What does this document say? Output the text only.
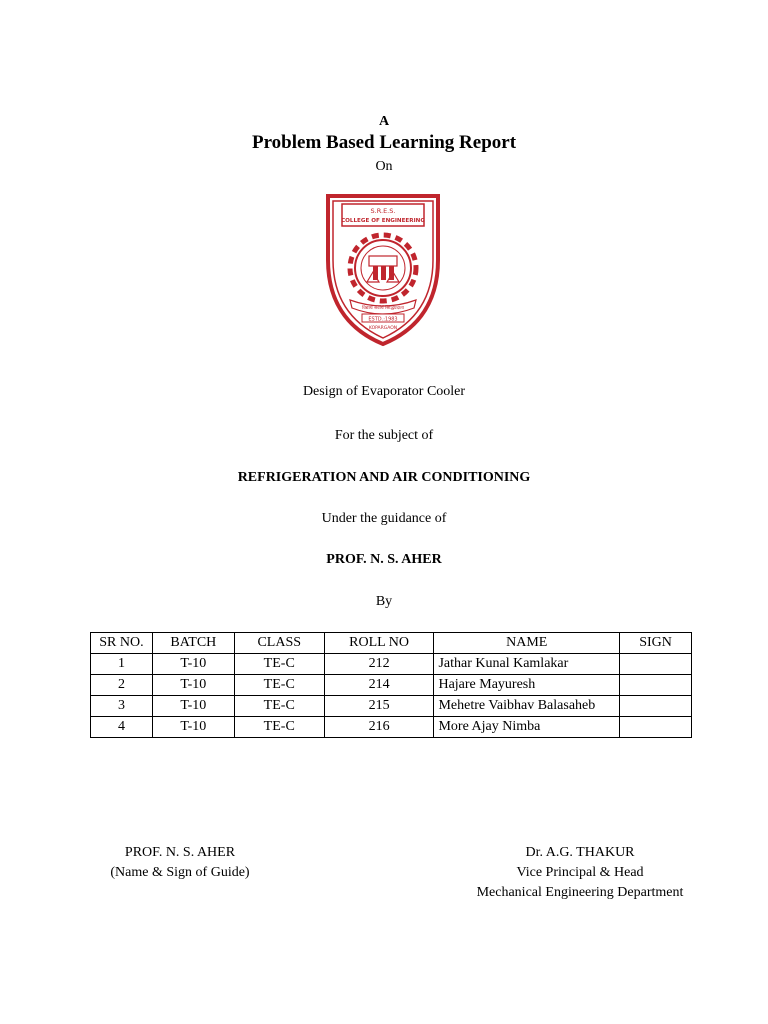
A
Problem Based Learning Report
On
S.R.E.S.
COLLEGE OF ENGINEERING
विद्यार्थ सर्वार्थ सिद्धिप्रदाता
ESTD.:1983
KOPARGAON
Design of Evaporator Cooler
For the subject of
REFRIGERATION AND AIR CONDITIONING
Under the guidance of
PROF. N. S. AHER
By
SR NO.	BATCH	CLASS	ROLL NO	NAME	SIGN
1	T-10	TE-C	212	Jathar Kunal Kamlakar	
2	T-10	TE-C	214	Hajare Mayuresh	
3	T-10	TE-C	215	Mehetre Vaibhav Balasaheb	
4	T-10	TE-C	216	More Ajay Nimba	
PROF. N. S. AHER
(Name & Sign of Guide)
Dr. A.G. THAKUR
Vice Principal & Head
Mechanical Engineering Department
